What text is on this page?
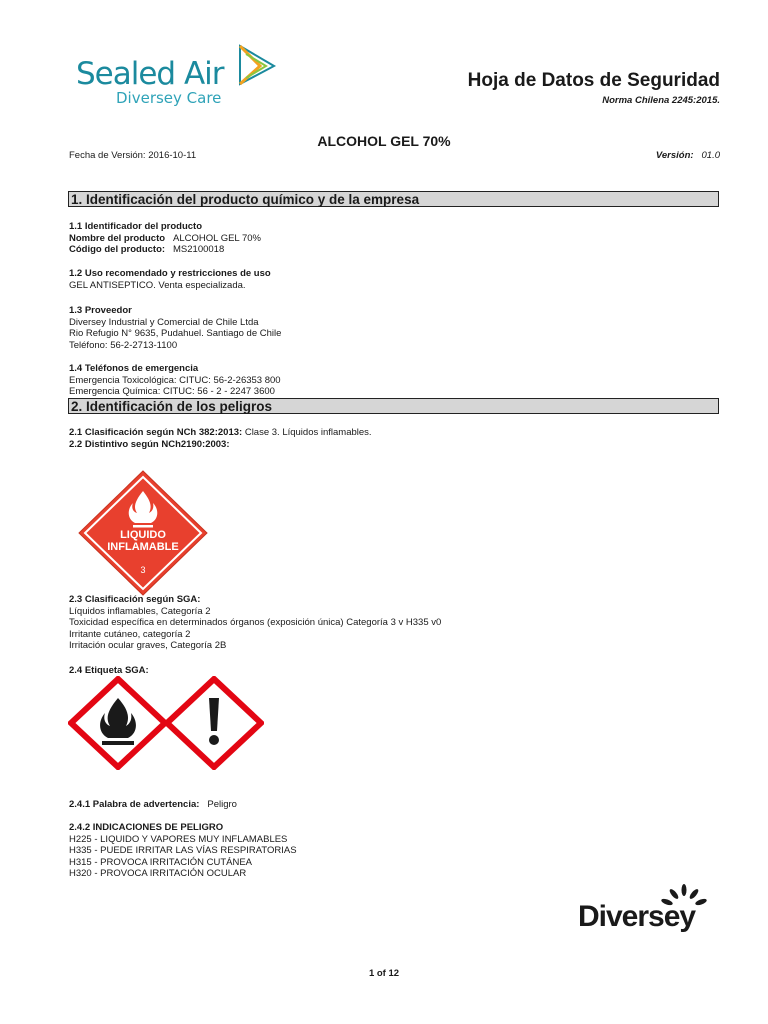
Sealed Air
Diversey Care
Hoja de Datos de Seguridad
Norma Chilena 2245:2015.
ALCOHOL GEL 70%
Fecha de Versión: 2016-10-11	Versión: 01.0
1. Identificación del producto químico y de la empresa
1.1 Identificador del producto
Nombre del producto ALCOHOL GEL 70%
Código del producto: MS2100018
1.2 Uso recomendado y restricciones de uso
GEL ANTISEPTICO. Venta especializada.
1.3 Proveedor
Diversey Industrial y Comercial de Chile Ltda
Rio Refugio N° 9635, Pudahuel. Santiago de Chile
Teléfono: 56-2-2713-1100
1.4 Teléfonos de emergencia
Emergencia Toxicológica: CITUC: 56-2-26353 800
Emergencia Química: CITUC: 56 - 2 - 2247 3600
2. Identificación de los peligros
2.1 Clasificación según NCh 382:2013: Clase 3. Líquidos inflamables.
2.2 Distintivo según NCh2190:2003:
LIQUIDO
INFLAMABLE
3
2.3 Clasificación según SGA:
Líquidos inflamables, Categoría 2
Toxicidad específica en determinados órganos (exposición única) Categoría 3 v H335 v0
Irritante cutáneo, categoría 2
Irritación ocular graves, Categoría 2B
2.4 Etiqueta SGA:
2.4.1 Palabra de advertencia: Peligro
2.4.2 INDICACIONES DE PELIGRO
H225 - LIQUIDO Y VAPORES MUY INFLAMABLES
H335 - PUEDE IRRITAR LAS VÍAS RESPIRATORIAS
H315 - PROVOCA IRRITACIÓN CUTÁNEA
H320 - PROVOCA IRRITACIÓN OCULAR
Diversey
1 of 12
